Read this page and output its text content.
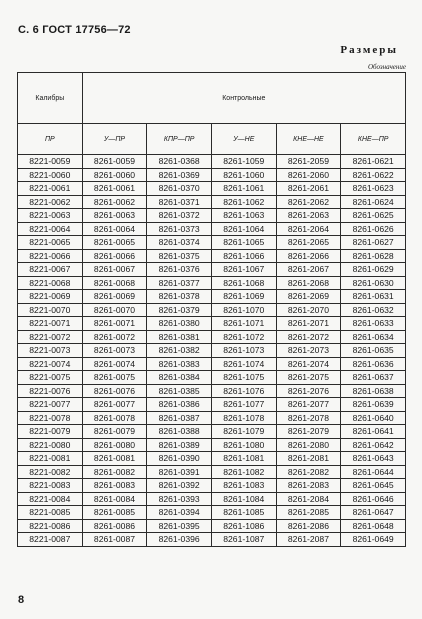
С. 6 ГОСТ 17756—72
Размеры
Обозначение
Калибры	Контрольные				
ПР	У—ПР	КПР—ПР	У—НЕ	КНЕ—НЕ	КНЕ—ПР
8221-0059	8261-0059	8261-0368	8261-1059	8261-2059	8261-0621
8221-0060	8261-0060	8261-0369	8261-1060	8261-2060	8261-0622
8221-0061	8261-0061	8261-0370	8261-1061	8261-2061	8261-0623
8221-0062	8261-0062	8261-0371	8261-1062	8261-2062	8261-0624
8221-0063	8261-0063	8261-0372	8261-1063	8261-2063	8261-0625
8221-0064	8261-0064	8261-0373	8261-1064	8261-2064	8261-0626
8221-0065	8261-0065	8261-0374	8261-1065	8261-2065	8261-0627
8221-0066	8261-0066	8261-0375	8261-1066	8261-2066	8261-0628
8221-0067	8261-0067	8261-0376	8261-1067	8261-2067	8261-0629
8221-0068	8261-0068	8261-0377	8261-1068	8261-2068	8261-0630
8221-0069	8261-0069	8261-0378	8261-1069	8261-2069	8261-0631
8221-0070	8261-0070	8261-0379	8261-1070	8261-2070	8261-0632
8221-0071	8261-0071	8261-0380	8261-1071	8261-2071	8261-0633
8221-0072	8261-0072	8261-0381	8261-1072	8261-2072	8261-0634
8221-0073	8261-0073	8261-0382	8261-1073	8261-2073	8261-0635
8221-0074	8261-0074	8261-0383	8261-1074	8261-2074	8261-0636
8221-0075	8261-0075	8261-0384	8261-1075	8261-2075	8261-0637
8221-0076	8261-0076	8261-0385	8261-1076	8261-2076	8261-0638
8221-0077	8261-0077	8261-0386	8261-1077	8261-2077	8261-0639
8221-0078	8261-0078	8261-0387	8261-1078	8261-2078	8261-0640
8221-0079	8261-0079	8261-0388	8261-1079	8261-2079	8261-0641
8221-0080	8261-0080	8261-0389	8261-1080	8261-2080	8261-0642
8221-0081	8261-0081	8261-0390	8261-1081	8261-2081	8261-0643
8221-0082	8261-0082	8261-0391	8261-1082	8261-2082	8261-0644
8221-0083	8261-0083	8261-0392	8261-1083	8261-2083	8261-0645
8221-0084	8261-0084	8261-0393	8261-1084	8261-2084	8261-0646
8221-0085	8261-0085	8261-0394	8261-1085	8261-2085	8261-0647
8221-0086	8261-0086	8261-0395	8261-1086	8261-2086	8261-0648
8221-0087	8261-0087	8261-0396	8261-1087	8261-2087	8261-0649
8
